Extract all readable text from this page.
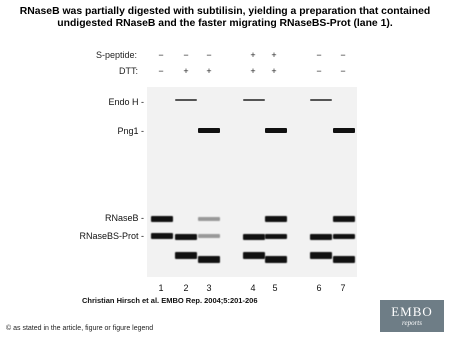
RNaseB was partially digested with subtilisin, yielding a preparation that contained undigested RNaseB and the faster migrating RNaseBS-Prot (lane 1).
S-peptide:	−	−	−	+	+	−	−
DTT:	−	+	+	+	+	−	−
Endo H -
Png1 -
RNaseB -
RNaseBS-Prot -
1	2	3	4	5	6	7
Christian Hirsch et al. EMBO Rep. 2004;5:201-206
© as stated in the article, figure or figure legend
EMBO
reports
